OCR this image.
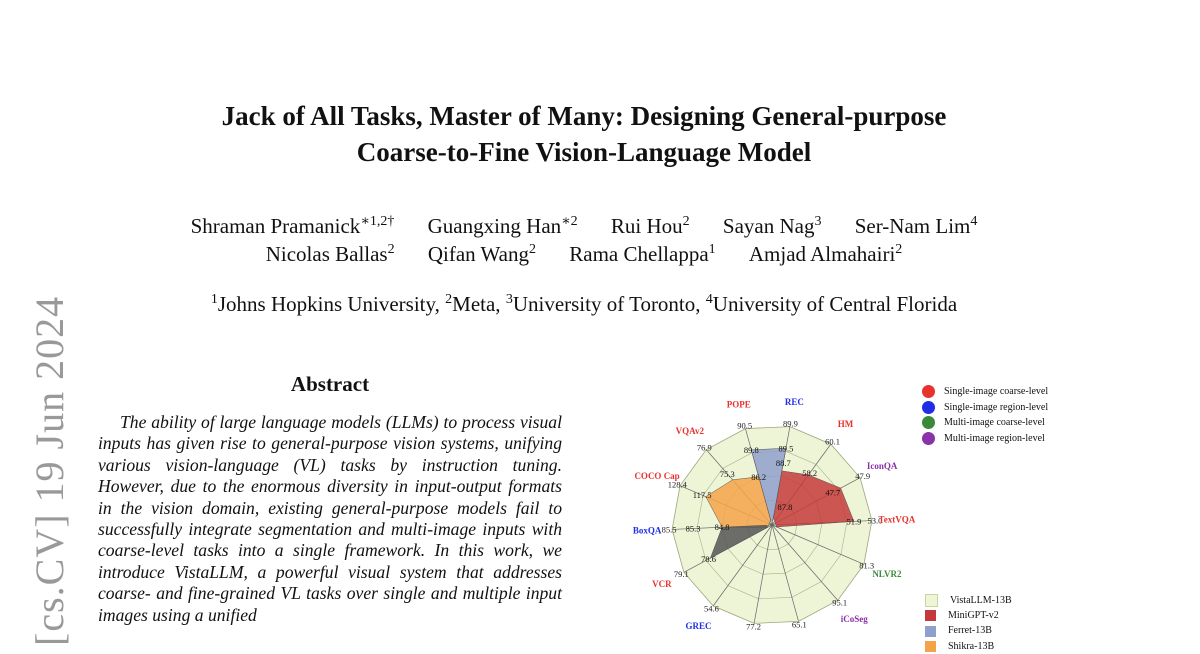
[cs.CV] 19 Jun 2024
Jack of All Tasks, Master of Many: Designing General-purpose
Coarse-to-Fine Vision-Language Model
Shraman Pramanick$^{∗1,2\dagger}$ Guangxing Han$^{∗2}$ Rui Hou$^2$ Sayan Nag$^3$ Ser-Nam Lim$^4$
Nicolas Ballas$^2$ Qifan Wang$^2$ Rama Chellappa$^1$ Amjad Almahairi$^2$
$^1$Johns Hopkins University, $^2$Meta, $^3$University of Toronto, $^4$University of Central Florida
Abstract
The ability of large language models (LLMs) to process visual inputs has given rise to general-purpose vision systems, unifying various vision-language (VL) tasks by instruction tuning. However, due to the enormous diversity in input-output formats in the vision domain, existing general-purpose models fail to successfully integrate segmentation and multi-image inputs with coarse-level tasks into a single framework. In this work, we introduce VistaLLM, a powerful visual system that addresses coarse- and fine-grained VL tasks over single and multiple input images using a unified
89.9
60.1
47.9
53.0
81.3
95.1
65.1
77.2
54.6
79.1
85.5
128.4
76.9
90.5
REC
HM
IconQA
TextVQA
NLVR2
iCoSeg
GREC
VCR
BoxQA
COCO Cap
VQAv2
POPE
89.5
88.7
58.2
87.8
47.7
51.9
78.6
85.3 84.8
117.5
75.3 86.2
89.8
Single-image coarse-level
Single-image region-level
Multi-image coarse-level
Multi-image region-level
VistaLLM-13B
MiniGPT-v2
Ferret-13B
Shikra-13B
